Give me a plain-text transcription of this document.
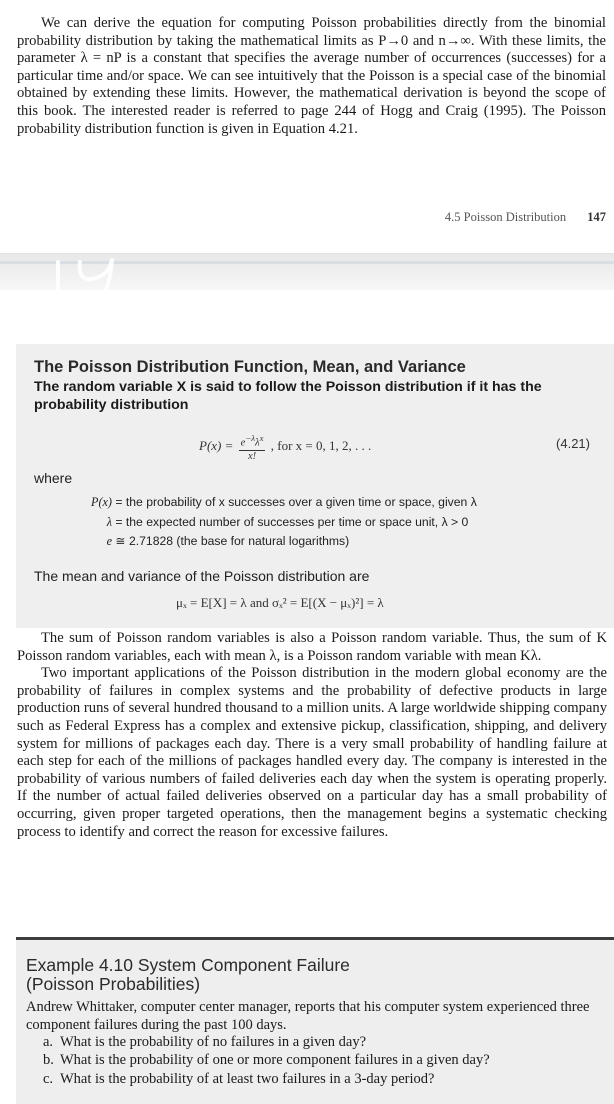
We can derive the equation for computing Poisson probabilities directly from the binomial probability distribution by taking the mathematical limits as P→0 and n→∞. With these limits, the parameter λ = nP is a constant that specifies the average number of occurrences (successes) for a particular time and/or space. We can see intuitively that the Poisson is a special case of the binomial obtained by extending these limits. However, the mathematical derivation is beyond the scope of this book. The interested reader is referred to page 244 of Hogg and Craig (1995). The Poisson probability distribution function is given in Equation 4.21.

4.5 Poisson Distribution 147
The Poisson Distribution Function, Mean, and Variance
The random variable X is said to follow the Poisson distribution if it has the probability distribution
$P(x) = \frac{e^{-\lambda}\lambda^x}{x!}$ , for x = 0, 1, 2, . . .	(4.21)
where
P(x) = the probability of x successes over a given time or space, given λ
λ = the expected number of successes per time or space unit, λ > 0
e ≅ 2.71828 (the base for natural logarithms)
The mean and variance of the Poisson distribution are
μₓ = E[X] = λ and σₓ² = E[(X − μₓ)²] = λ

The sum of Poisson random variables is also a Poisson random variable. Thus, the sum of K Poisson random variables, each with mean λ, is a Poisson random variable with mean Kλ.

Two important applications of the Poisson distribution in the modern global economy are the probability of failures in complex systems and the probability of defective products in large production runs of several hundred thousand to a million units. A large worldwide shipping company such as Federal Express has a complex and extensive pickup, classification, shipping, and delivery system for millions of packages each day. There is a very small probability of handling failure at each step for each of the millions of packages handled every day. The company is interested in the probability of various numbers of failed deliveries each day when the system is operating properly. If the number of actual failed deliveries observed on a particular day has a small probability of occurring, given proper targeted operations, then the management begins a systematic checking process to identify and correct the reason for excessive failures.

Example 4.10 System Component Failure
(Poisson Probabilities)

Andrew Whittaker, computer center manager, reports that his computer system experienced three component failures during the past 100 days.

a. What is the probability of no failures in a given day?
b. What is the probability of one or more component failures in a given day?
c. What is the probability of at least two failures in a 3-day period?
